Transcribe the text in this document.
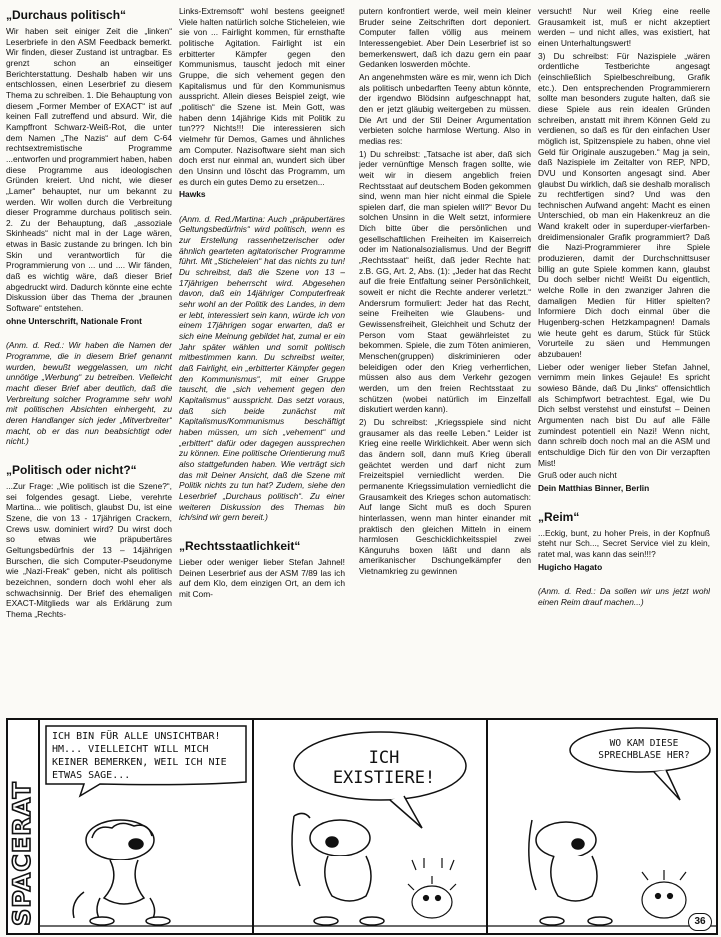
„Durchaus politisch“

Wir haben seit einiger Zeit die „linken“ Leserbriefe in den ASM Feedback bemerkt. Wir finden, dieser Zustand ist untragbar. Es grenzt schon an einseitiger Berichterstattung. Deshalb haben wir uns entschlossen, einen Leserbrief zu diesem Thema zu schreiben. 1. Die Behauptung von diesem „Former Member of EXACT“ ist auf keinen Fall zutreffend und absurd. Wir, die Kampffront Schwarz-Weiß-Rot, die unter dem Namen „The Nazis“ auf dem C-64 rechtsextremistische Programme ...entworfen und programmiert haben, haben diese Programme aus ideologischen Gründen kreiert. Und nicht, wie dieser „Lamer“ behauptet, nur um bekannt zu werden. Wir wollen durch die Verbreitung dieser Programme durchaus politisch sein. 2. Zu der Behauptung, daß „assoziale Skinheads“ nicht mal in der Lage wären, etwas in Basic zustande zu bringen. Ich bin Skin und verantwortlich für die Programmierung von ... und .... Wir fänden, daß es wichtig wäre, daß dieser Brief abgedruckt wird. Dadurch könnte eine echte Diskussion über das Thema der „braunen Software“ entstehen.

ohne Unterschrift, Nationale Front

(Anm. d. Red.: Wir haben die Namen der Programme, die in diesem Brief genannt wurden, bewußt weggelassen, um nicht unnötige „Werbung“ zu betreiben. Vielleicht macht dieser Brief aber deutlich, daß die Verbreitung solcher Programme sehr wohl mit politischen Absichten einhergeht, zu deren Handlanger sich jeder „Mitverbreiter“ macht, ob er das nun beabsichtigt oder nicht.)

„Politisch oder nicht?“

...Zur Frage: „Wie politisch ist die Szene?“, sei folgendes gesagt. Liebe, verehrte Martina... wie politisch, glaubst Du, ist eine Szene, die von 13 - 17jährigen Crackern, Crews usw. dominiert wird? Du wirst doch so etwas wie präpubertäres Geltungsbedürfnis der 13 – 14jährigen Burschen, die sich Computer-Pseudonyme wie „Nazi-Freak“ geben, nicht als politisch bezeichnen, sondern doch wohl eher als schwachsinnig. Der Brief des ehemaligen EXACT-Mitglieds war als Erklärung zum Thema „Rechts-

Links-Extremsoft“ wohl bestens geeignet! Viele halten natürlich solche Sticheleien, wie sie von ... Fairlight kommen, für ernsthafte politische Agitation. Fairlight ist ein erbitterter Kämpfer gegen den Kommunismus, tauscht jedoch mit einer Gruppe, die sich vehement gegen den Kapitalismus und für den Kommunismus ausspricht. Allein dieses Beispiel zeigt, wie „politisch“ die Szene ist. Mein Gott, was haben denn 14jährige Kids mit Politik zu tun??? Nichts!!! Die interessieren sich vielmehr für Demos, Games und ähnliches am Computer. Nazisoftware sieht man sich doch erst nur einmal an, wundert sich über den Unsinn und löscht das Programm, um es durch ein gutes Demo zu ersetzen...

Hawks

(Anm. d. Red./Martina: Auch „präpubertäres Geltungsbedürfnis“ wird politisch, wenn es zur Erstellung rassenhetzerischer oder ähnlich gearteten agitatorischer Programme führt. Mit „Sticheleien“ hat das nichts zu tun! Du schreibst, daß die Szene von 13 – 17jährigen beherrscht wird. Abgesehen davon, daß ein 14jähriger Computerfreak sehr wohl an der Politik des Landes, in dem er lebt, interessiert sein kann, würde ich von einem 17jährigen sogar erwarten, daß er sich eine Meinung gebildet hat, zumal er ein Jahr später wählen und somit politisch mitbestimmen kann. Du schreibst weiter, daß Fairlight, ein „erbitterter Kämpfer gegen den Kommunismus“, mit einer Gruppe tauscht, die „sich vehement gegen den Kapitalismus“ ausspricht. Das setzt voraus, daß sich beide zunächst mit Kapitalismus/Kommunismus beschäftigt haben müssen, um sich „vehement“ und „erbittert“ dafür oder dagegen aussprechen zu können. Eine politische Orientierung muß also stattgefunden haben. Wie verträgt sich das mit Deiner Ansicht, daß die Szene mit Politik nichts zu tun hat? Zudem, siehe den Leserbrief „Durchaus politisch“. Zu einer weiteren Diskussion des Themas bin ich/sind wir gern bereit.)

„Rechtsstaatlichkeit“

Lieber oder weniger lieber Stefan Jahnel! Deinen Leserbrief aus der ASM 7/89 las ich auf dem Klo, dem einzigen Ort, an dem ich mit Com-

putern konfrontiert werde, weil mein kleiner Bruder seine Zeitschriften dort deponiert. Computer fallen völlig aus meinem Interessengebiet. Aber Dein Leserbrief ist so bemerkenswert, daß ich dazu gern ein paar Gedanken loswerden möchte.

An angenehmsten wäre es mir, wenn ich Dich als politisch unbedarften Teeny abtun könnte, der irgendwo Blödsinn aufgeschnappt hat, den er jetzt gläubig weitergeben zu müssen. Die Art und der Stil Deiner Argumentation verbieten solche harmlose Wertung. Also in medias res:

1) Du schreibst: „Tatsache ist aber, daß sich jeder vernünftige Mensch fragen sollte, wie weit wir in diesem angeblich freien Rechtsstaat auf deutschem Boden gekommen sind, wenn man hier nicht einmal die Spiele spielen darf, die man spielen will?“ Bevor Du solchen Unsinn in die Welt setzt, informiere Dich bitte über die persönlichen und gesellschaftlichen Freiheiten im Kaiserreich oder im Nationalsozialismus. Und der Begriff „Rechtsstaat“ heißt, daß jeder Rechte hat: z.B. GG, Art. 2, Abs. (1): „Jeder hat das Recht auf die freie Entfaltung seiner Persönlichkeit, soweit er nicht die Rechte anderer verletzt.“ Andersrum formuliert: Jeder hat das Recht, seine Freiheiten wie Glaubens- und Gewissensfreiheit, Gleichheit und Schutz der Person vom Staat gewährleistet zu bekommen. Spiele, die zum Töten animieren, Menschen(gruppen) diskriminieren oder beleidigen oder den Krieg verherrlichen, müssen also aus dem Verkehr gezogen werden, um den freien Rechtsstaat zu schützen (wobei natürlich im Einzelfall diskutiert werden kann).

2) Du schreibst: „Kriegsspiele sind nicht grausamer als das reelle Leben.“ Leider ist Krieg eine reelle Wirklichkeit. Aber wenn sich das ändern soll, dann muß Krieg überall geächtet werden und darf nicht zum Freizeitspiel verniedlicht werden. Die permanente Kriegssimulation verniedlicht die Grausamkeit des Krieges schon automatisch: Auf lange Sicht muß es doch Spuren hinterlassen, wenn man hinter einander mit praktisch den gleichen Mitteln in einem harmlosen Geschicklichkeitsspiel zwei Känguruhs boxen läßt und dann als amerikanischer Dschungelkämpfer den Vietnamkrieg zu gewinnen

versucht! Nur weil Krieg eine reelle Grausamkeit ist, muß er nicht akzeptiert werden – und nicht alles, was existiert, hat einen Unterhaltungswert!

3) Du schreibst: Für Nazispiele „wären ordentliche Testberichte angesagt (einschließlich Spielbeschreibung, Grafik etc.). Den entsprechenden Programmierern sollte man besonders zugute halten, daß sie diese Spiele aus rein idealen Gründen schreiben, anstatt mit ihrem Können Geld zu verdienen, so daß es für den einfachen User möglich ist, Spitzenspiele zu haben, ohne viel Geld für Originale auszugeben.“ Mag ja sein, daß Nazispiele im Zeitalter von REP, NPD, DVU und Konsorten angesagt sind. Aber glaubst Du wirklich, daß sie deshalb moralisch zu rechtfertigen sind? Und was den technischen Aufwand angeht: Macht es einen Unterschied, ob man ein Hakenkreuz an die Wand krakelt oder in superduper-vierfarben-dreidimensionaler Grafik programmiert? Daß die Nazi-Programmierer ihre Spiele produzieren, damit der Durchschnittsuser billig an gute Spiele kommen kann, glaubst Du doch selber nicht! Weißt Du eigentlich, welche Rolle in den zwanziger Jahren die damaligen Medien für Hitler spielten? Informiere Dich doch einmal über die Hugenberg-schen Hetzkampagnen! Damals wie heute geht es darum, Stück für Stück Vorurteile zu säen und Hemmungen abzubauen!

Lieber oder weniger lieber Stefan Jahnel, vernimm mein linkes Gejaule! Es spricht sowieso Bände, daß Du „links“ offensichtlich als Schimpfwort betrachtest. Egal, wie Du Dich selbst verstehst und einstufst – Deinen Argumenten nach bist Du auf alle Fälle zumindest potentiell ein Nazi! Wenn nicht, dann schreib doch noch mal an die ASM und entschuldige Dich für den von Dir verzapften Mist!

Gruß oder auch nicht

Dein Matthias Binner, Berlin

„Reim“

...Eckig, bunt, zu hoher Preis, in der Kopfnuß steht nur Sch..., Secret Service viel zu klein, ratet mal, was kann das sein!!!?

Hugicho Hagato

(Anm. d. Red.: Da sollen wir uns jetzt wohl einen Reim drauf machen...)

SPACERAT
ICH BIN FÜR ALLE UNSICHTBAR! HM... VIELLEICHT WILL MICH KEINER BEMERKEN, WEIL ICH NIE ETWAS SAGE...
ICH EXISTIERE!
WO KAM DIESE SPRECHBLASE HER?
36
